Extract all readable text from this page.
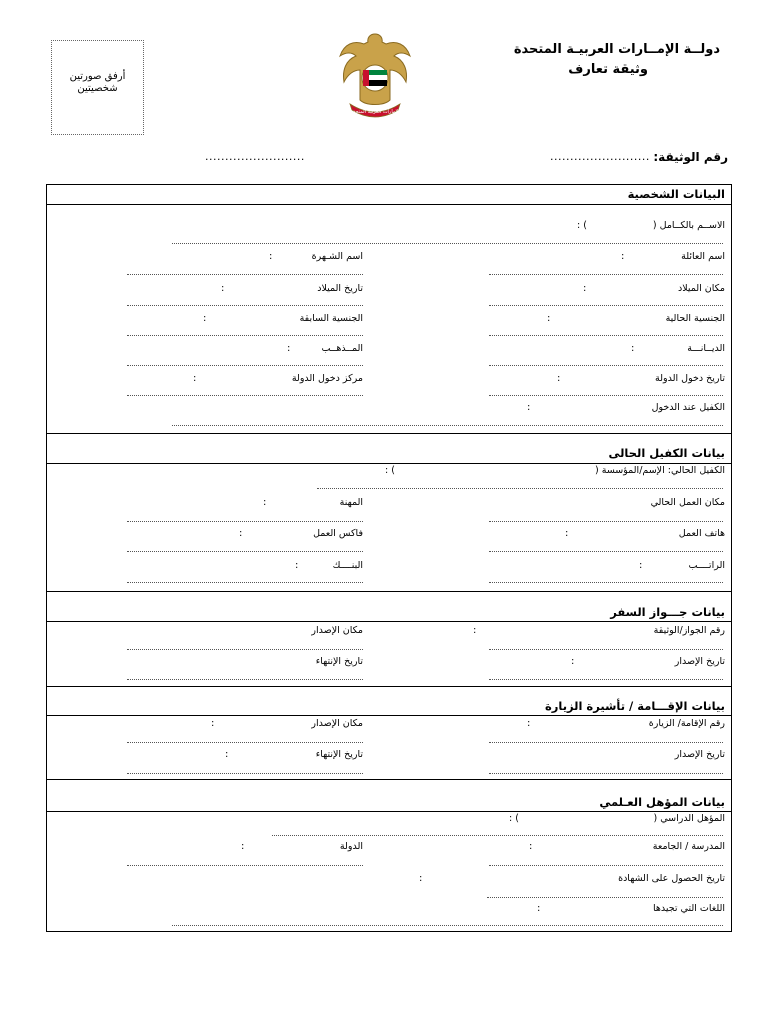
أرفق صورتين
شخصيتين
الإمارات العربية المتحدة
دولــة الإمــارات العربيـة المتحدة
وثيقة تعارف
رقم الوثيقة:
.........................
.........................
البيانات الشخصية
الاســم بالكــامل (
) :
اسم العائلة
:
اسم الشـهرة
:
مكان الميلاد
:
تاريخ الميلاد
:
الجنسية الحالية
:
الجنسية السابقة
:
الديــانـــة
:
المــذهــب
:
تاريخ دخول الدولة
:
مركز دخول الدولة
:
الكفيل عند الدخول
:
بيانات الكفيل الحالى
الكفيل الحالي: الإسم/المؤسسة (
) :
مكان العمل الحالي
المهنة
:
هاتف العمل
:
فاكس العمل
:
الراتــــب
:
البنــــك
:
بيانات جـــواز السفر
رقم الجواز/الوثيقة
:
مكان الإصدار
تاريخ الإصدار
:
تاريخ الإنتهاء
بيانات الإقـــامة / تأشيرة الزيارة
رقم الإقامة/ الزيارة
:
مكان الإصدار
:
تاريخ الإصدار
تاريخ الإنتهاء
:
بيانات المؤهل العـلمي
المؤهل الدراسي (
) :
المدرسة / الجامعة
:
الدولة
:
تاريخ الحصول على الشهادة
:
اللغات التي تجيدها
:
